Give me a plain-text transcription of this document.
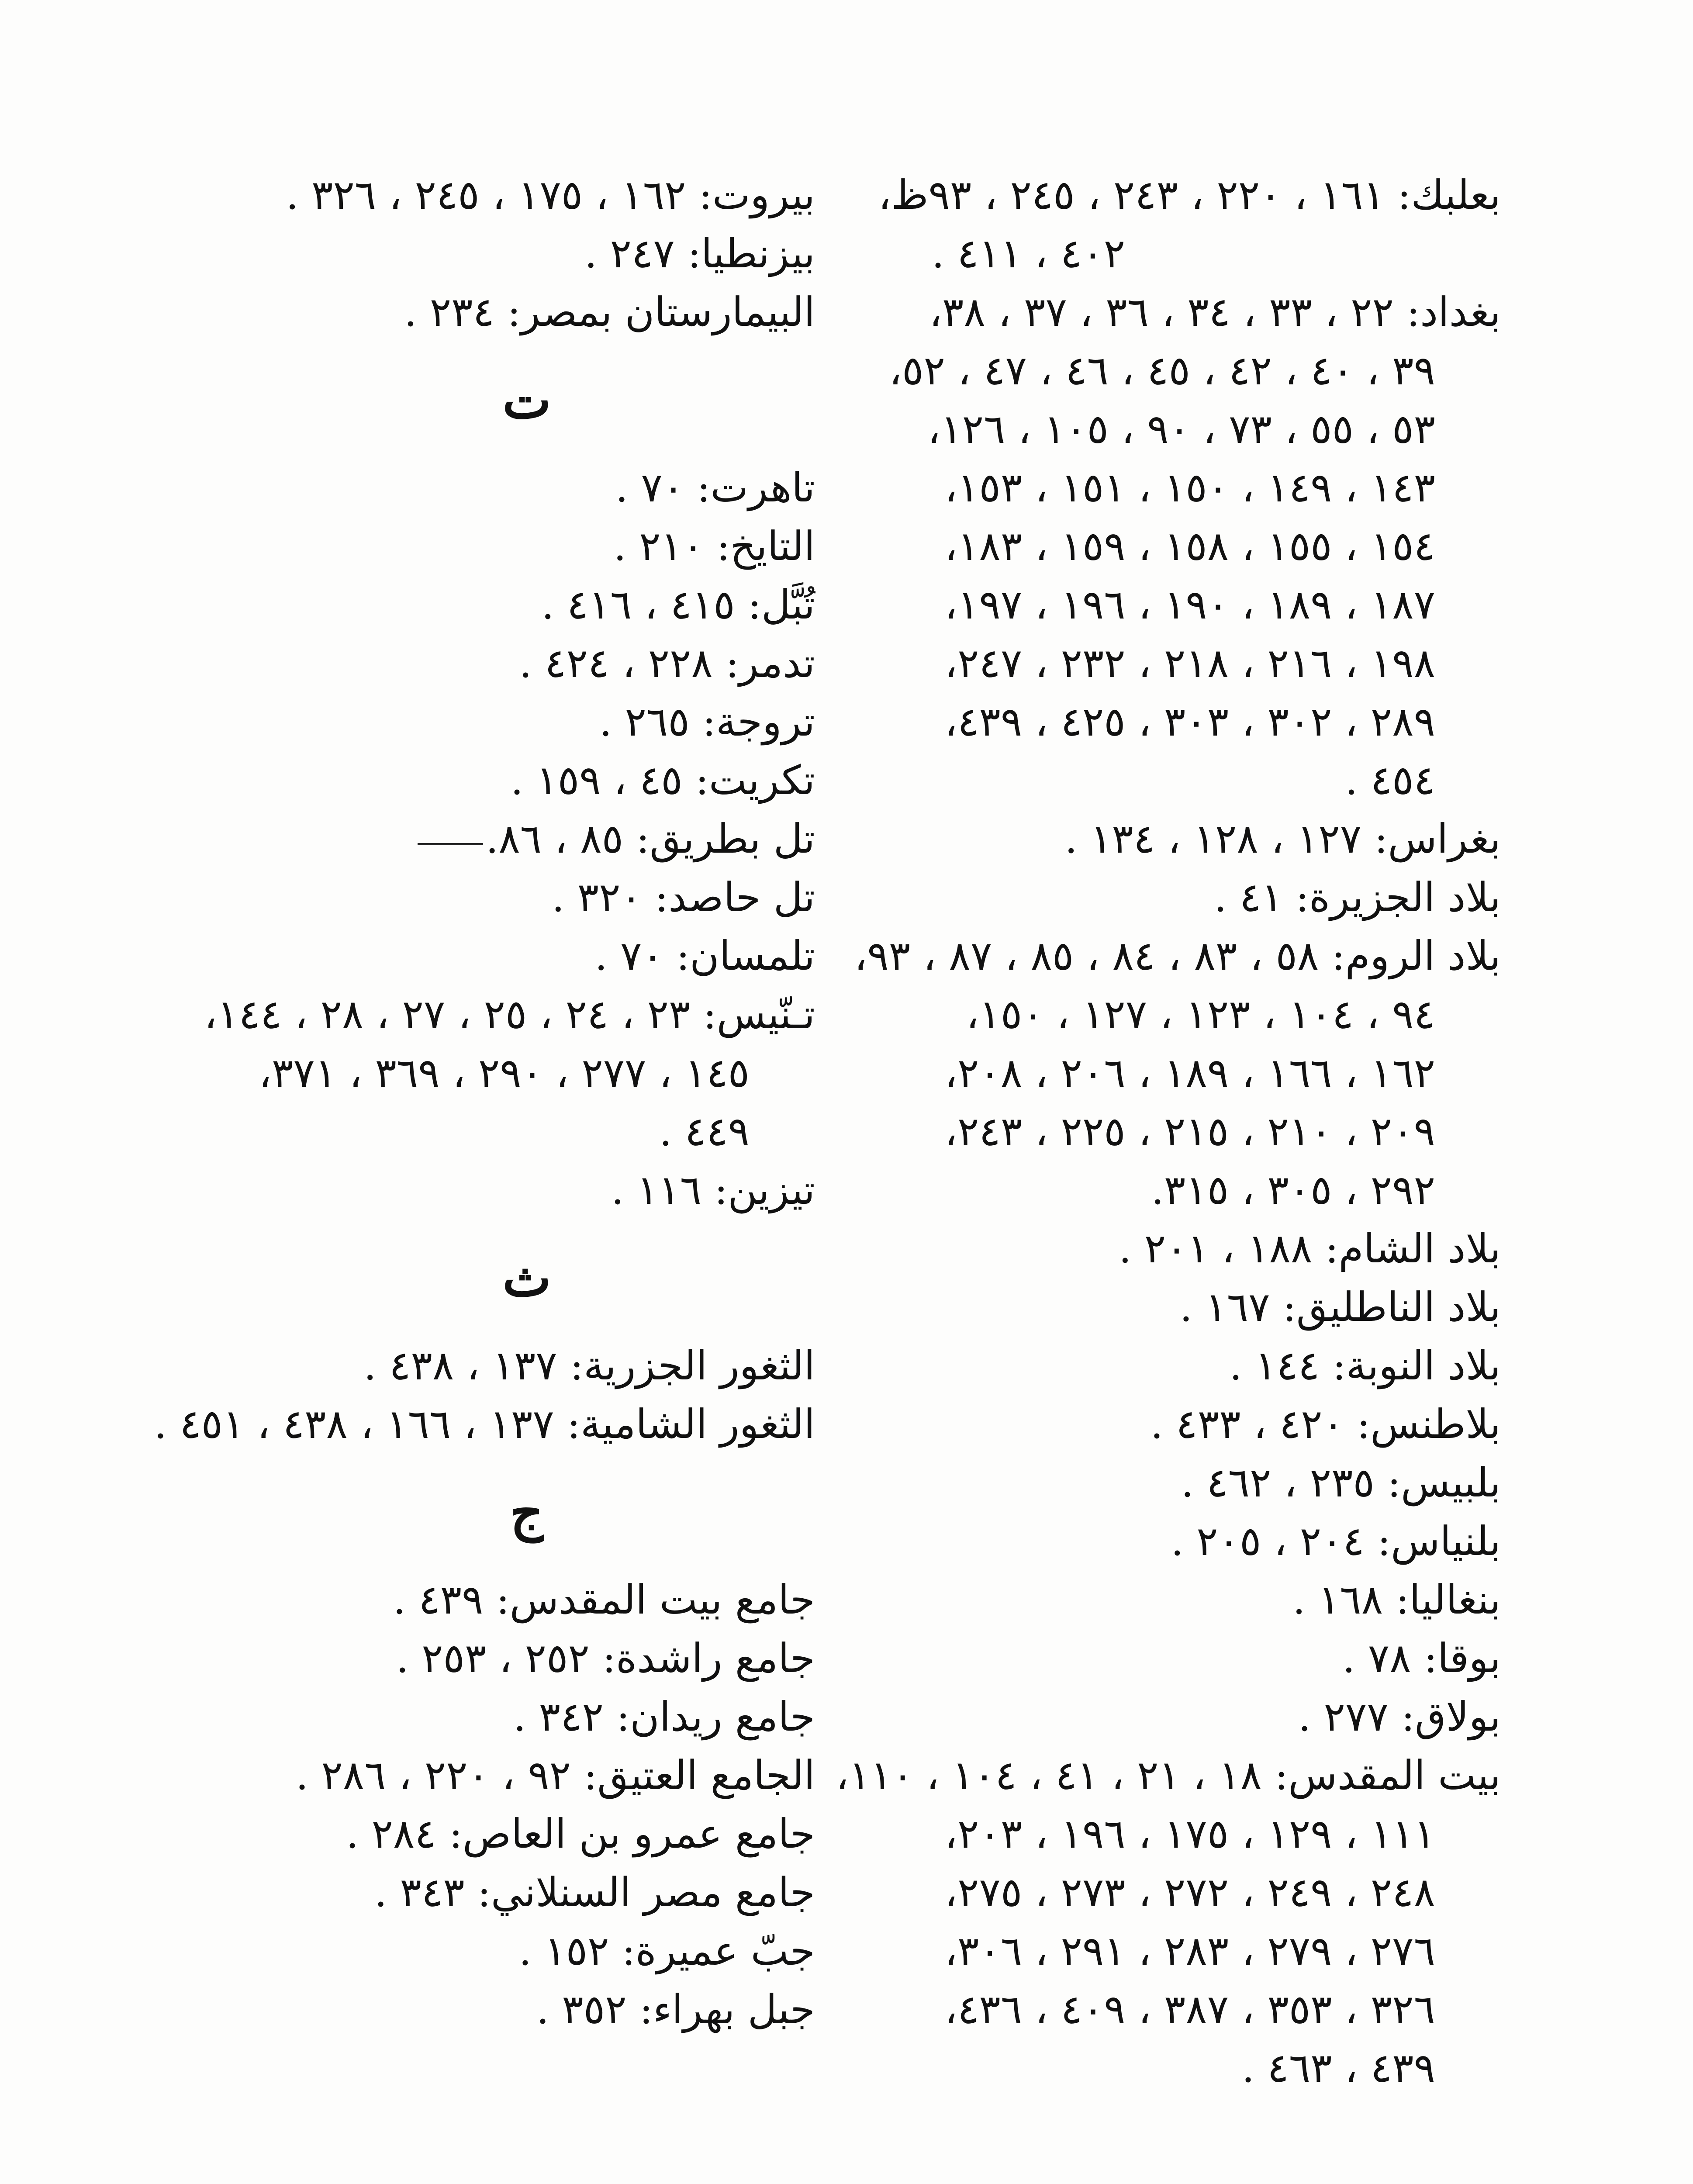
بعلبك: ١٦١ ، ٢٢٠ ، ٢٤٣ ، ٢٤٥ ، ٩٣ظ،
٤٠٢ ، ٤١١ .
بغداد: ٢٢ ، ٣٣ ، ٣٤ ، ٣٦ ، ٣٧ ، ٣٨،
٣٩ ، ٤٠ ، ٤٢ ، ٤٥ ، ٤٦ ، ٤٧ ، ٥٢،
٥٣ ، ٥٥ ، ٧٣ ، ٩٠ ، ١٠٥ ، ١٢٦،
١٤٣ ، ١٤٩ ، ١٥٠ ، ١٥١ ، ١٥٣،
١٥٤ ، ١٥٥ ، ١٥٨ ، ١٥٩ ، ١٨٣،
١٨٧ ، ١٨٩ ، ١٩٠ ، ١٩٦ ، ١٩٧،
١٩٨ ، ٢١٦ ، ٢١٨ ، ٢٣٢ ، ٢٤٧،
٢٨٩ ، ٣٠٢ ، ٣٠٣ ، ٤٢٥ ، ٤٣٩،
٤٥٤ .
بغراس: ١٢٧ ، ١٢٨ ، ١٣٤ .
بلاد الجزيرة: ٤١ .
بلاد الروم: ٥٨ ، ٨٣ ، ٨٤ ، ٨٥ ، ٨٧ ، ٩٣،
٩٤ ، ١٠٤ ، ١٢٣ ، ١٢٧ ، ١٥٠،
١٦٢ ، ١٦٦ ، ١٨٩ ، ٢٠٦ ، ٢٠٨،
٢٠٩ ، ٢١٠ ، ٢١٥ ، ٢٢٥ ، ٢٤٣،
٢٩٢ ، ٣٠٥ ، ٣١٥.
بلاد الشام: ١٨٨ ، ٢٠١ .
بلاد الناطليق: ١٦٧ .
بلاد النوبة: ١٤٤ .
بلاطنس: ٤٢٠ ، ٤٣٣ .
بلبيس: ٢٣٥ ، ٤٦٢ .
بلنياس: ٢٠٤ ، ٢٠٥ .
بنغاليا: ١٦٨ .
بوقا: ٧٨ .
بولاق: ٢٧٧ .
بيت المقدس: ١٨ ، ٢١ ، ٤١ ، ١٠٤ ، ١١٠،
١١١ ، ١٢٩ ، ١٧٥ ، ١٩٦ ، ٢٠٣،
٢٤٨ ، ٢٤٩ ، ٢٧٢ ، ٢٧٣ ، ٢٧٥،
٢٧٦ ، ٢٧٩ ، ٢٨٣ ، ٢٩١ ، ٣٠٦،
٣٢٦ ، ٣٥٣ ، ٣٨٧ ، ٤٠٩ ، ٤٣٦،
٤٣٩ ، ٤٦٣ .
بيروت: ١٦٢ ، ١٧٥ ، ٢٤٥ ، ٣٢٦ .
بيزنطيا: ٢٤٧ .
البيمارستان بمصر: ٢٣٤ .
ت
تاهرت: ٧٠ .
التايخ: ٢١٠ .
تُبَّل: ٤١٥ ، ٤١٦ .
تدمر: ٢٢٨ ، ٤٢٤ .
تروجة: ٢٦٥ .
تكريت: ٤٥ ، ١٥٩ .
تل بطريق: ٨٥ ، ٨٦.
تل حاصد: ٣٢٠ .
تلمسان: ٧٠ .
تـنّيس: ٢٣ ، ٢٤ ، ٢٥ ، ٢٧ ، ٢٨ ، ١٤٤،
١٤٥ ، ٢٧٧ ، ٢٩٠ ، ٣٦٩ ، ٣٧١،
٤٤٩ .
تيزين: ١١٦ .
ث
الثغور الجزرية: ١٣٧ ، ٤٣٨ .
الثغور الشامية: ١٣٧ ، ١٦٦ ، ٤٣٨ ، ٤٥١ .
ج
جامع بيت المقدس: ٤٣٩ .
جامع راشدة: ٢٥٢ ، ٢٥٣ .
جامع ريدان: ٣٤٢ .
الجامع العتيق: ٩٢ ، ٢٢٠ ، ٢٨٦ .
جامع عمرو بن العاص: ٢٨٤ .
جامع مصر السنلاني: ٣٤٣ .
جبّ عميرة: ١٥٢ .
جبل بهراء: ٣٥٢ .
